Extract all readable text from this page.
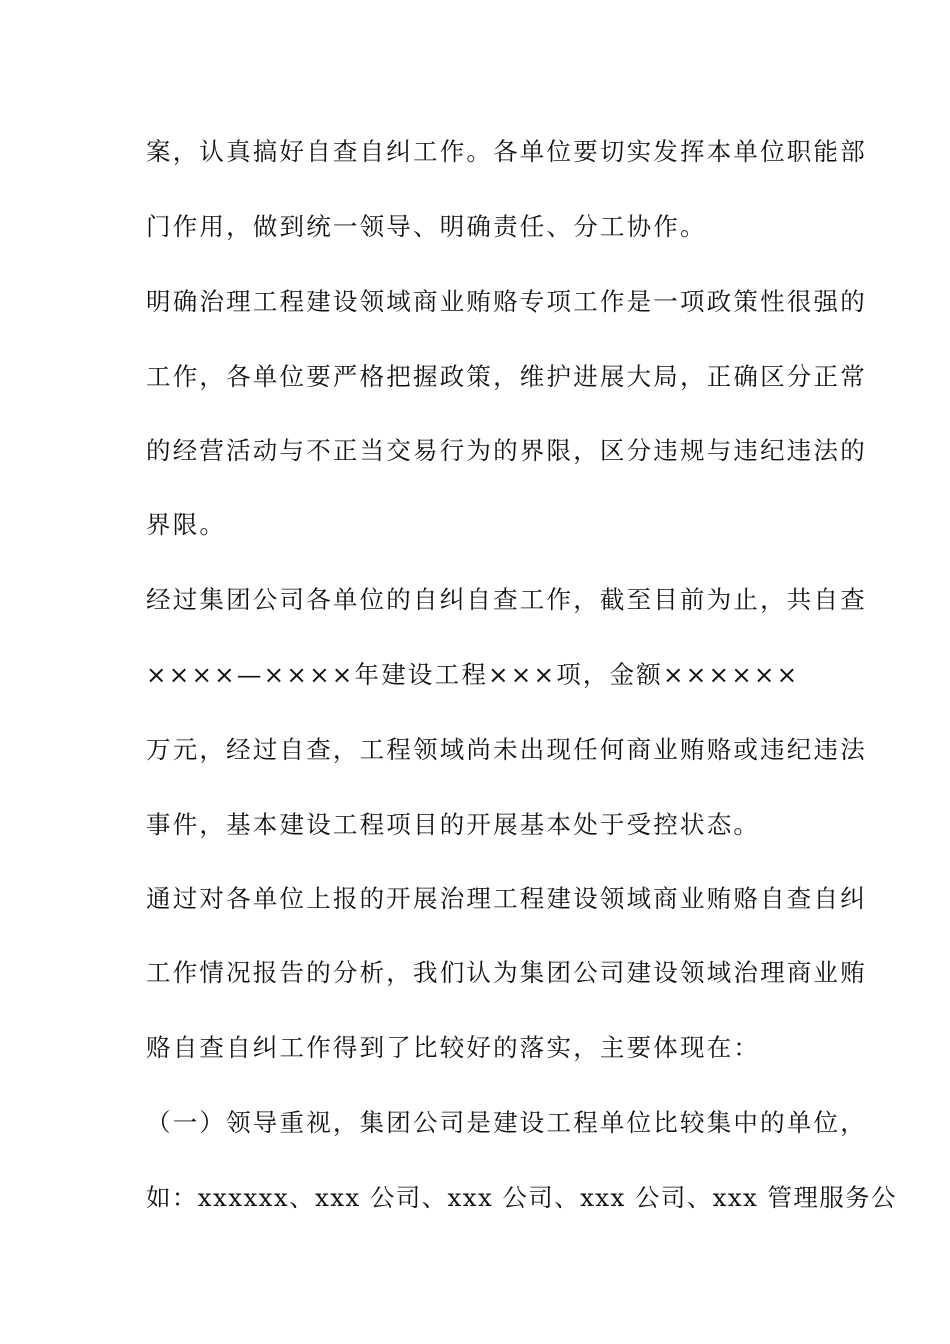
案，认真搞好自查自纠工作。各单位要切实发挥本单位职能部
门作用，做到统一领导、明确责任、分工协作。
明确治理工程建设领域商业贿赂专项工作是一项政策性很强的
工作，各单位要严格把握政策，维护进展大局，正确区分正常
的经营活动与不正当交易行为的界限，区分违规与违纪违法的
界限。
经过集团公司各单位的自纠自查工作，截至目前为止，共自查
××××—××××年建设工程×××项，金额××××××
万元，经过自查，工程领域尚未出现任何商业贿赂或违纪违法
事件，基本建设工程项目的开展基本处于受控状态。
通过对各单位上报的开展治理工程建设领域商业贿赂自查自纠
工作情况报告的分析，我们认为集团公司建设领域治理商业贿
赂自查自纠工作得到了比较好的落实，主要体现在：
（一）领导重视，集团公司是建设工程单位比较集中的单位，
如：xxxxxx、xxx 公司、xxx 公司、xxx 公司、xxx 管理服务公
